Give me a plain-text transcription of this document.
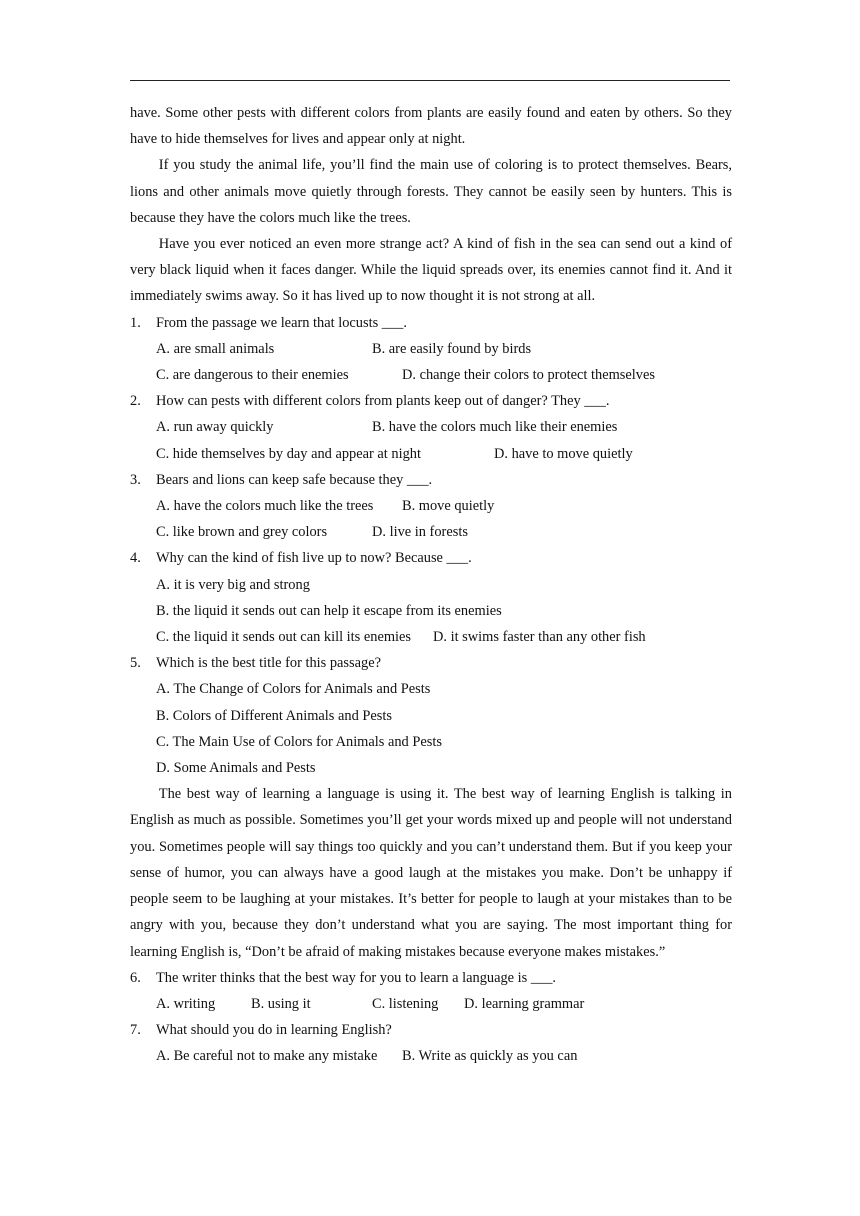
have. Some other pests with different colors from plants are easily found and eaten by others. So they have to hide themselves for lives and appear only at night.

If you study the animal life, you’ll find the main use of coloring is to protect themselves. Bears, lions and other animals move quietly through forests. They cannot be easily seen by hunters. This is because they have the colors much like the trees.

Have you ever noticed an even more strange act? A kind of fish in the sea can send out a kind of very black liquid when it faces danger. While the liquid spreads over, its enemies cannot find it. And it immediately swims away. So it has lived up to now thought it is not strong at all.

1.	From the passage we learn that locusts ___.
A. are small animals	B. are easily found by birds
C. are dangerous to their enemies	D. change their colors to protect themselves
2.	How can pests with different colors from plants keep out of danger? They ___.
A. run away quickly	B. have the colors much like their enemies
C. hide themselves by day and appear at night	D. have to move quietly
3.	Bears and lions can keep safe because they ___.
A. have the colors much like the trees	B. move quietly
C. like brown and grey colors	D. live in forests
4.	Why can the kind of fish live up to now? Because ___.
A. it is very big and strong
B. the liquid it sends out can help it escape from its enemies
C. the liquid it sends out can kill its enemies	D. it swims faster than any other fish
5.	Which is the best title for this passage?
A. The Change of Colors for Animals and Pests
B. Colors of Different Animals and Pests
C. The Main Use of Colors for Animals and Pests
D. Some Animals and Pests

The best way of learning a language is using it. The best way of learning English is talking in English as much as possible. Sometimes you’ll get your words mixed up and people will not understand you. Sometimes people will say things too quickly and you can’t understand them. But if you keep your sense of humor, you can always have a good laugh at the mistakes you make. Don’t be unhappy if people seem to be laughing at your mistakes. It’s better for people to laugh at your mistakes than to be angry with you, because they don’t understand what you are saying. The most important thing for learning English is, “Don’t be afraid of making mistakes because everyone makes mistakes.”

6.	The writer thinks that the best way for you to learn a language is ___.
A. writing	B. using it	C. listening	D. learning grammar
7.	What should you do in learning English?
A. Be careful not to make any mistake	B. Write as quickly as you can
